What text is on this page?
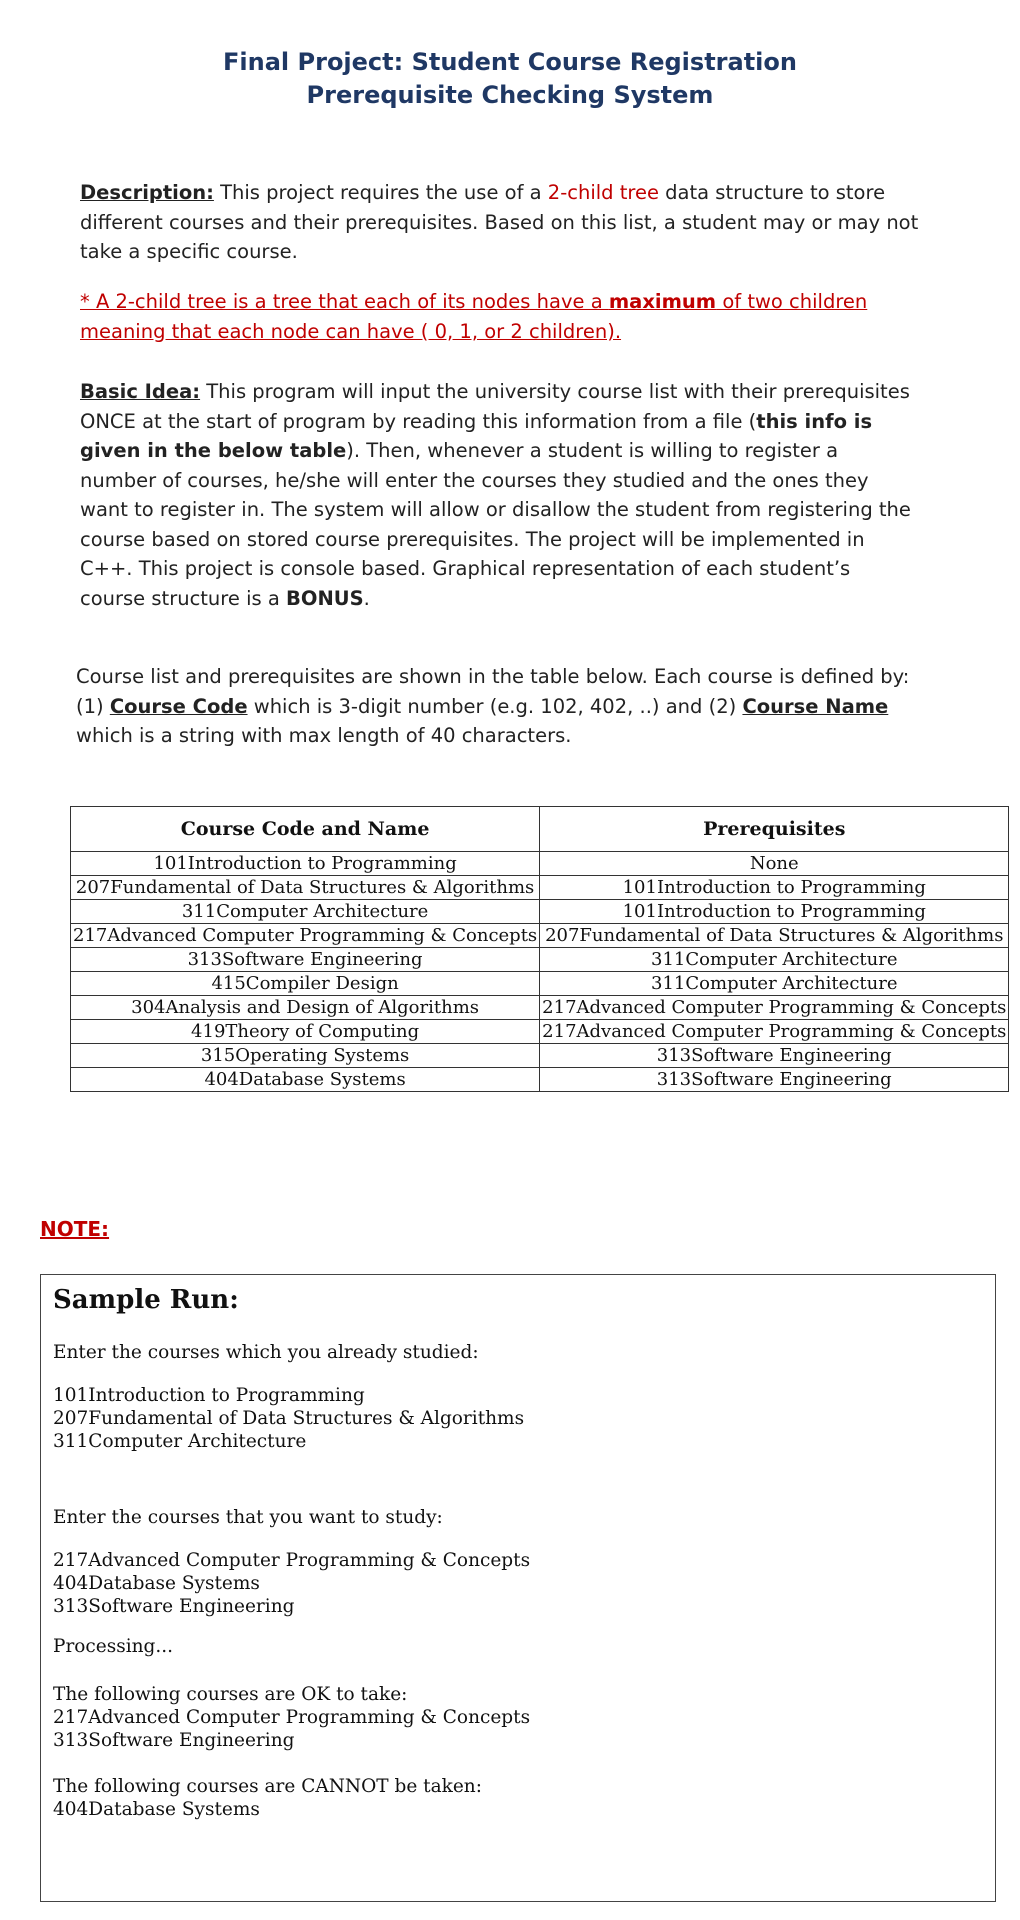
Final Project: Student Course Registration
Prerequisite Checking System
Description: This project requires the use of a 2-child tree data structure to store different courses and their prerequisites. Based on this list, a student may or may not take a specific course.
* A 2-child tree is a tree that each of its nodes have a maximum of two children meaning that each node can have ( 0, 1, or 2 children).
Basic Idea: This program will input the university course list with their prerequisites ONCE at the start of program by reading this information from a file (this info is given in the below table). Then, whenever a student is willing to register a number of courses, he/she will enter the courses they studied and the ones they want to register in. The system will allow or disallow the student from registering the course based on stored course prerequisites. The project will be implemented in C++. This project is console based. Graphical representation of each student’s course structure is a BONUS.
Course list and prerequisites are shown in the table below. Each course is defined by: (1) Course Code which is 3-digit number (e.g. 102, 402, ..) and (2) Course Name which is a string with max length of 40 characters.
Course Code and Name	Prerequisites
101Introduction to Programming	None
207Fundamental of Data Structures & Algorithms	101Introduction to Programming
311Computer Architecture	101Introduction to Programming
217Advanced Computer Programming & Concepts	207Fundamental of Data Structures & Algorithms
313Software Engineering	311Computer Architecture
415Compiler Design	311Computer Architecture
304Analysis and Design of Algorithms	217Advanced Computer Programming & Concepts
419Theory of Computing	217Advanced Computer Programming & Concepts
315Operating Systems	313Software Engineering
404Database Systems	313Software Engineering
NOTE:
Sample Run:
Enter the courses which you already studied:
101Introduction to Programming
207Fundamental of Data Structures & Algorithms
311Computer Architecture
Enter the courses that you want to study:
217Advanced Computer Programming & Concepts
404Database Systems
313Software Engineering
Processing...
The following courses are OK to take:
217Advanced Computer Programming & Concepts
313Software Engineering
The following courses are CANNOT be taken:
404Database Systems
